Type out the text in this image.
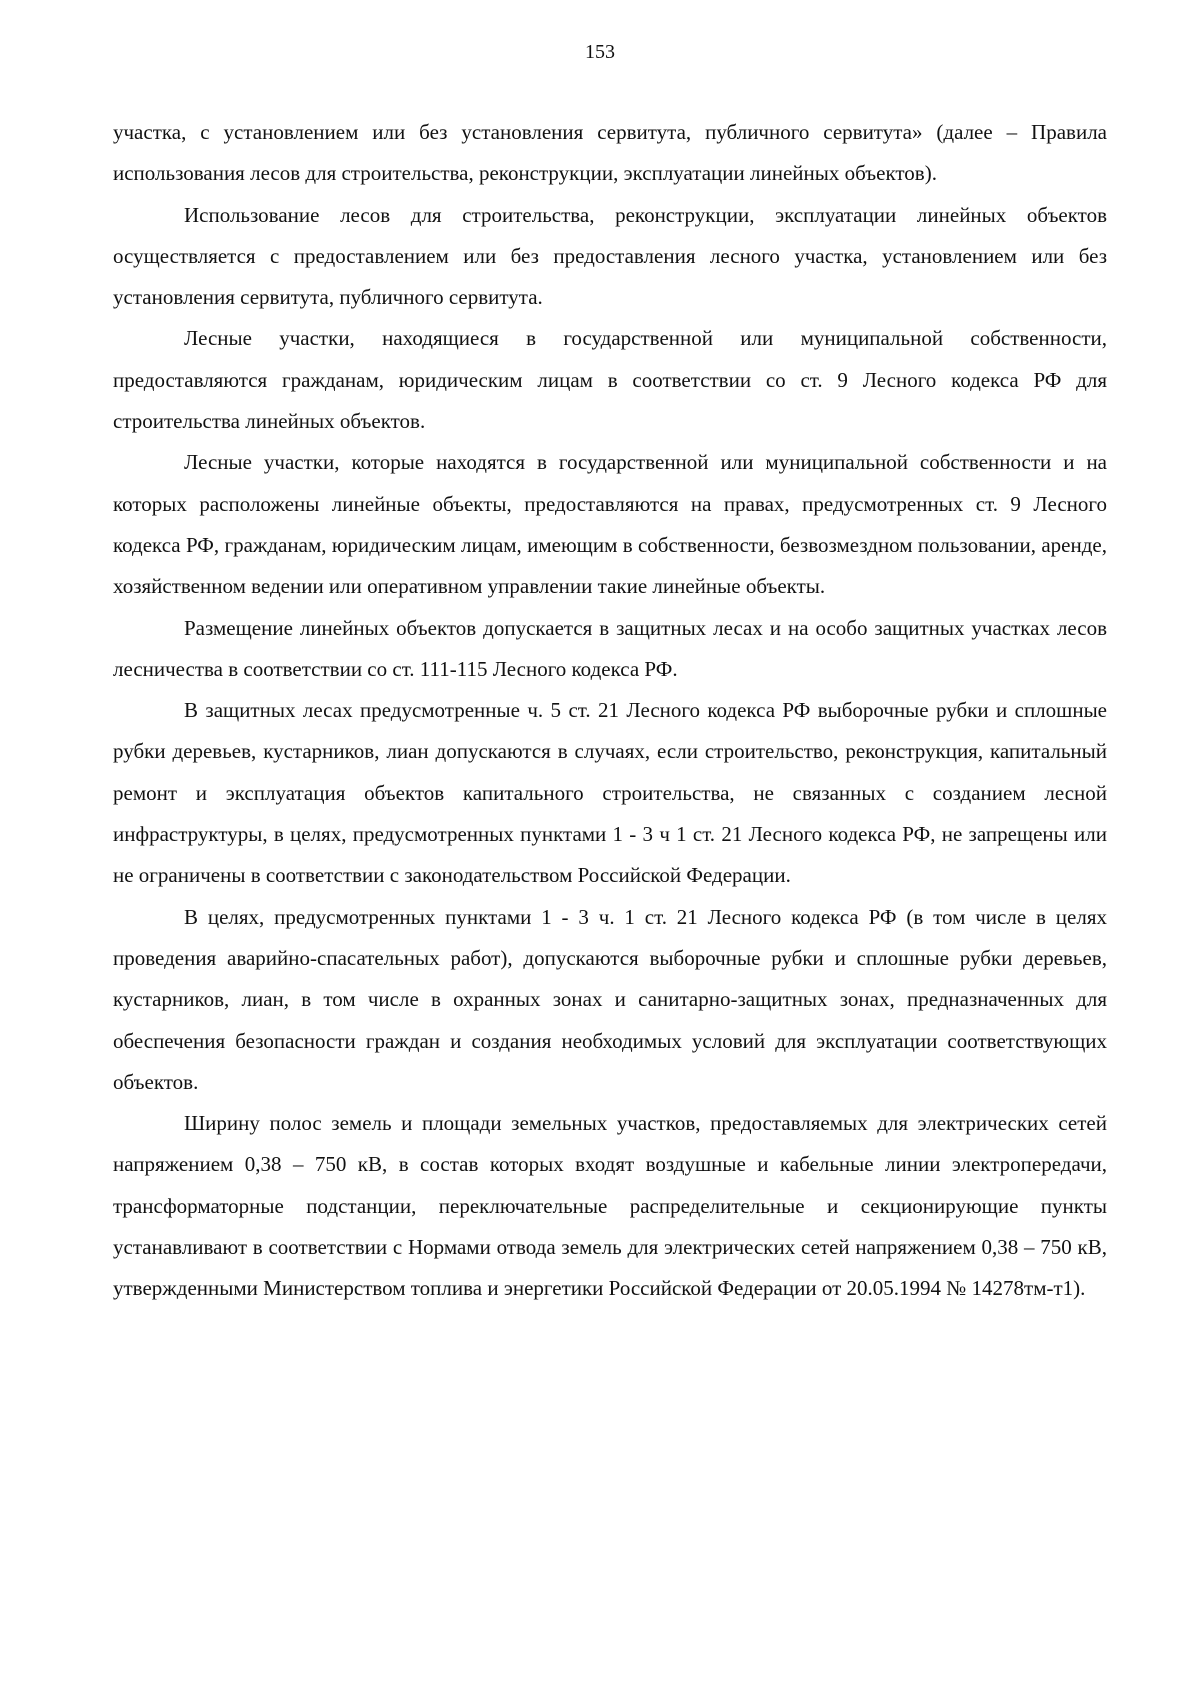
153

участка, с установлением или без установления сервитута, публичного сервитута» (далее – Правила использования лесов для строительства, реконструкции, эксплуатации линейных объектов).

Использование лесов для строительства, реконструкции, эксплуатации линейных объектов осуществляется с предоставлением или без предоставления лесного участка, установлением или без установления сервитута, публичного сервитута.

Лесные участки, находящиеся в государственной или муниципальной собственности, предоставляются гражданам, юридическим лицам в соответствии со ст. 9 Лесного кодекса РФ для строительства линейных объектов.

Лесные участки, которые находятся в государственной или муниципальной собственности и на которых расположены линейные объекты, предоставляются на правах, предусмотренных ст. 9 Лесного кодекса РФ, гражданам, юридическим лицам, имеющим в собственности, безвозмездном пользовании, аренде, хозяйственном ведении или оперативном управлении такие линейные объекты.

Размещение линейных объектов допускается в защитных лесах и на особо защитных участках лесов лесничества в соответствии со ст. 111-115 Лесного кодекса РФ.

В защитных лесах предусмотренные ч. 5 ст. 21 Лесного кодекса РФ выборочные рубки и сплошные рубки деревьев, кустарников, лиан допускаются в случаях, если строительство, реконструкция, капитальный ремонт и эксплуатация объектов капитального строительства, не связанных с созданием лесной инфраструктуры, в целях, предусмотренных пунктами 1 - 3 ч 1 ст. 21 Лесного кодекса РФ, не запрещены или не ограничены в соответствии с законодательством Российской Федерации.

В целях, предусмотренных пунктами 1 - 3 ч. 1 ст. 21 Лесного кодекса РФ (в том числе в целях проведения аварийно-спасательных работ), допускаются выборочные рубки и сплошные рубки деревьев, кустарников, лиан, в том числе в охранных зонах и санитарно-защитных зонах, предназначенных для обеспечения безопасности граждан и создания необходимых условий для эксплуатации соответствующих объектов.

Ширину полос земель и площади земельных участков, предоставляемых для электрических сетей напряжением 0,38 – 750 кВ, в состав которых входят воздушные и кабельные линии электропередачи, трансформаторные подстанции, переключательные распределительные и секционирующие пункты устанавливают в соответствии с Нормами отвода земель для электрических сетей напряжением 0,38 – 750 кВ, утвержденными Министерством топлива и энергетики Российской Федерации от 20.05.1994 № 14278тм-т1).
